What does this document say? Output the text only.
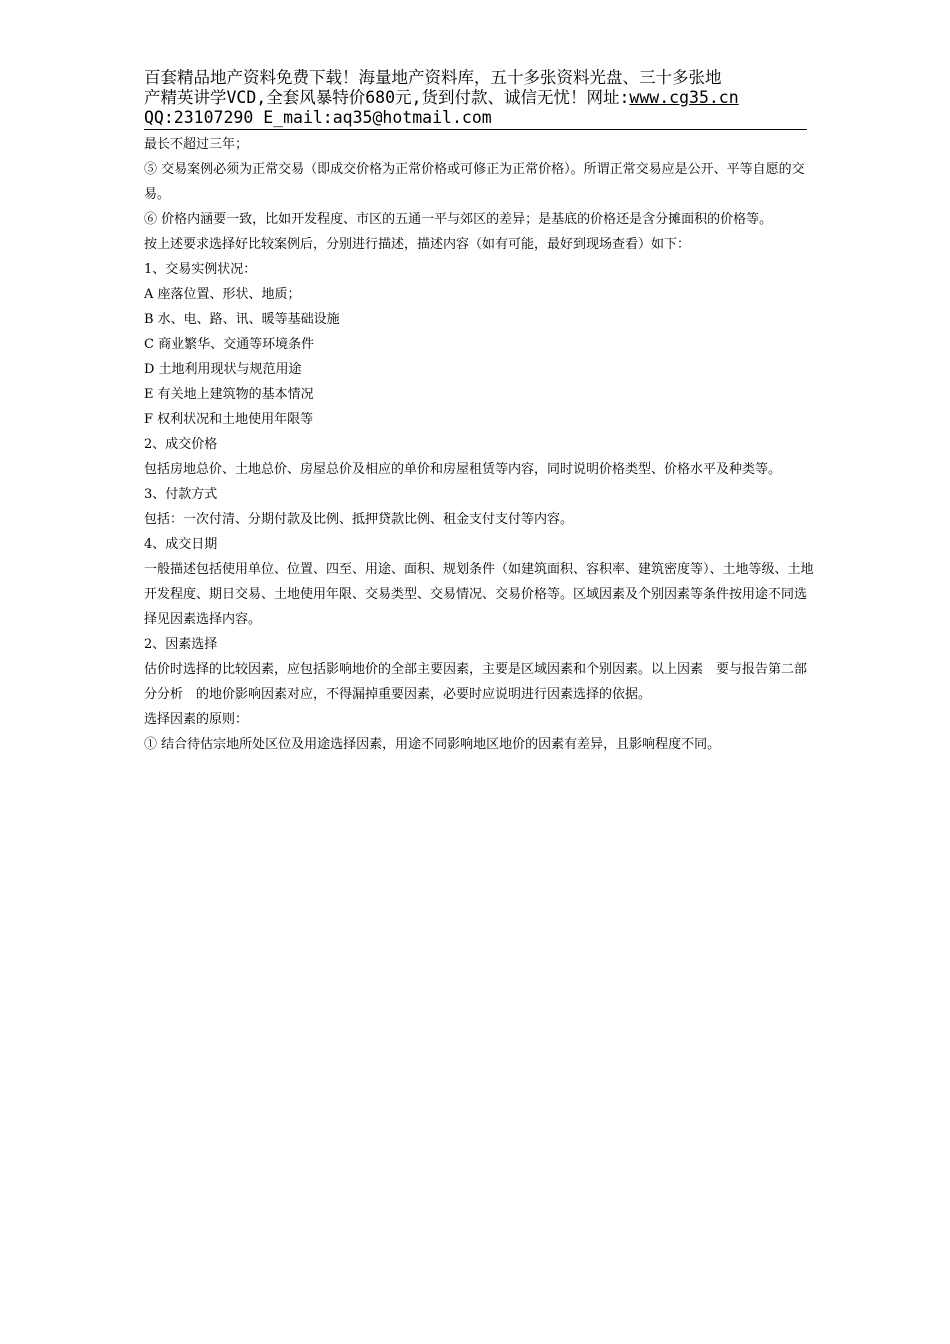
百套精品地产资料免费下载！海量地产资料库，五十多张资料光盘、三十多张地
产精英讲学VCD,全套风暴特价680元,货到付款、诚信无忧！网址:www.cg35.cn
QQ:23107290 E_mail:aq35@hotmail.com

最长不超过三年；

⑤ 交易案例必须为正常交易（即成交价格为正常价格或可修正为正常价格）。所谓正常交易应是公开、平等自愿的交易。

⑥ 价格内涵要一致，比如开发程度、市区的五通一平与郊区的差异；是基底的价格还是含分摊面积的价格等。

按上述要求选择好比较案例后，分别进行描述，描述内容（如有可能，最好到现场查看）如下：

1、交易实例状况：

A 座落位置、形状、地质；

B 水、电、路、讯、暖等基础设施

C 商业繁华、交通等环境条件

D 土地利用现状与规范用途

E 有关地上建筑物的基本情况

F 权利状况和土地使用年限等

2、成交价格

包括房地总价、土地总价、房屋总价及相应的单价和房屋租赁等内容，同时说明价格类型、价格水平及种类等。

3、付款方式

包括：一次付清、分期付款及比例、抵押贷款比例、租金支付支付等内容。

4、成交日期

一般描述包括使用单位、位置、四至、用途、面积、规划条件（如建筑面积、容积率、建筑密度等）、土地等级、土地开发程度、期日交易、土地使用年限、交易类型、交易情况、交易价格等。区域因素及个别因素等条件按用途不同选择见因素选择内容。

2、因素选择

估价时选择的比较因素，应包括影响地价的全部主要因素，主要是区域因素和个别因素。以上因素　要与报告第二部分分析　的地价影响因素对应，不得漏掉重要因素，必要时应说明进行因素选择的依据。

选择因素的原则：

① 结合待估宗地所处区位及用途选择因素，用途不同影响地区地价的因素有差异，且影响程度不同。
